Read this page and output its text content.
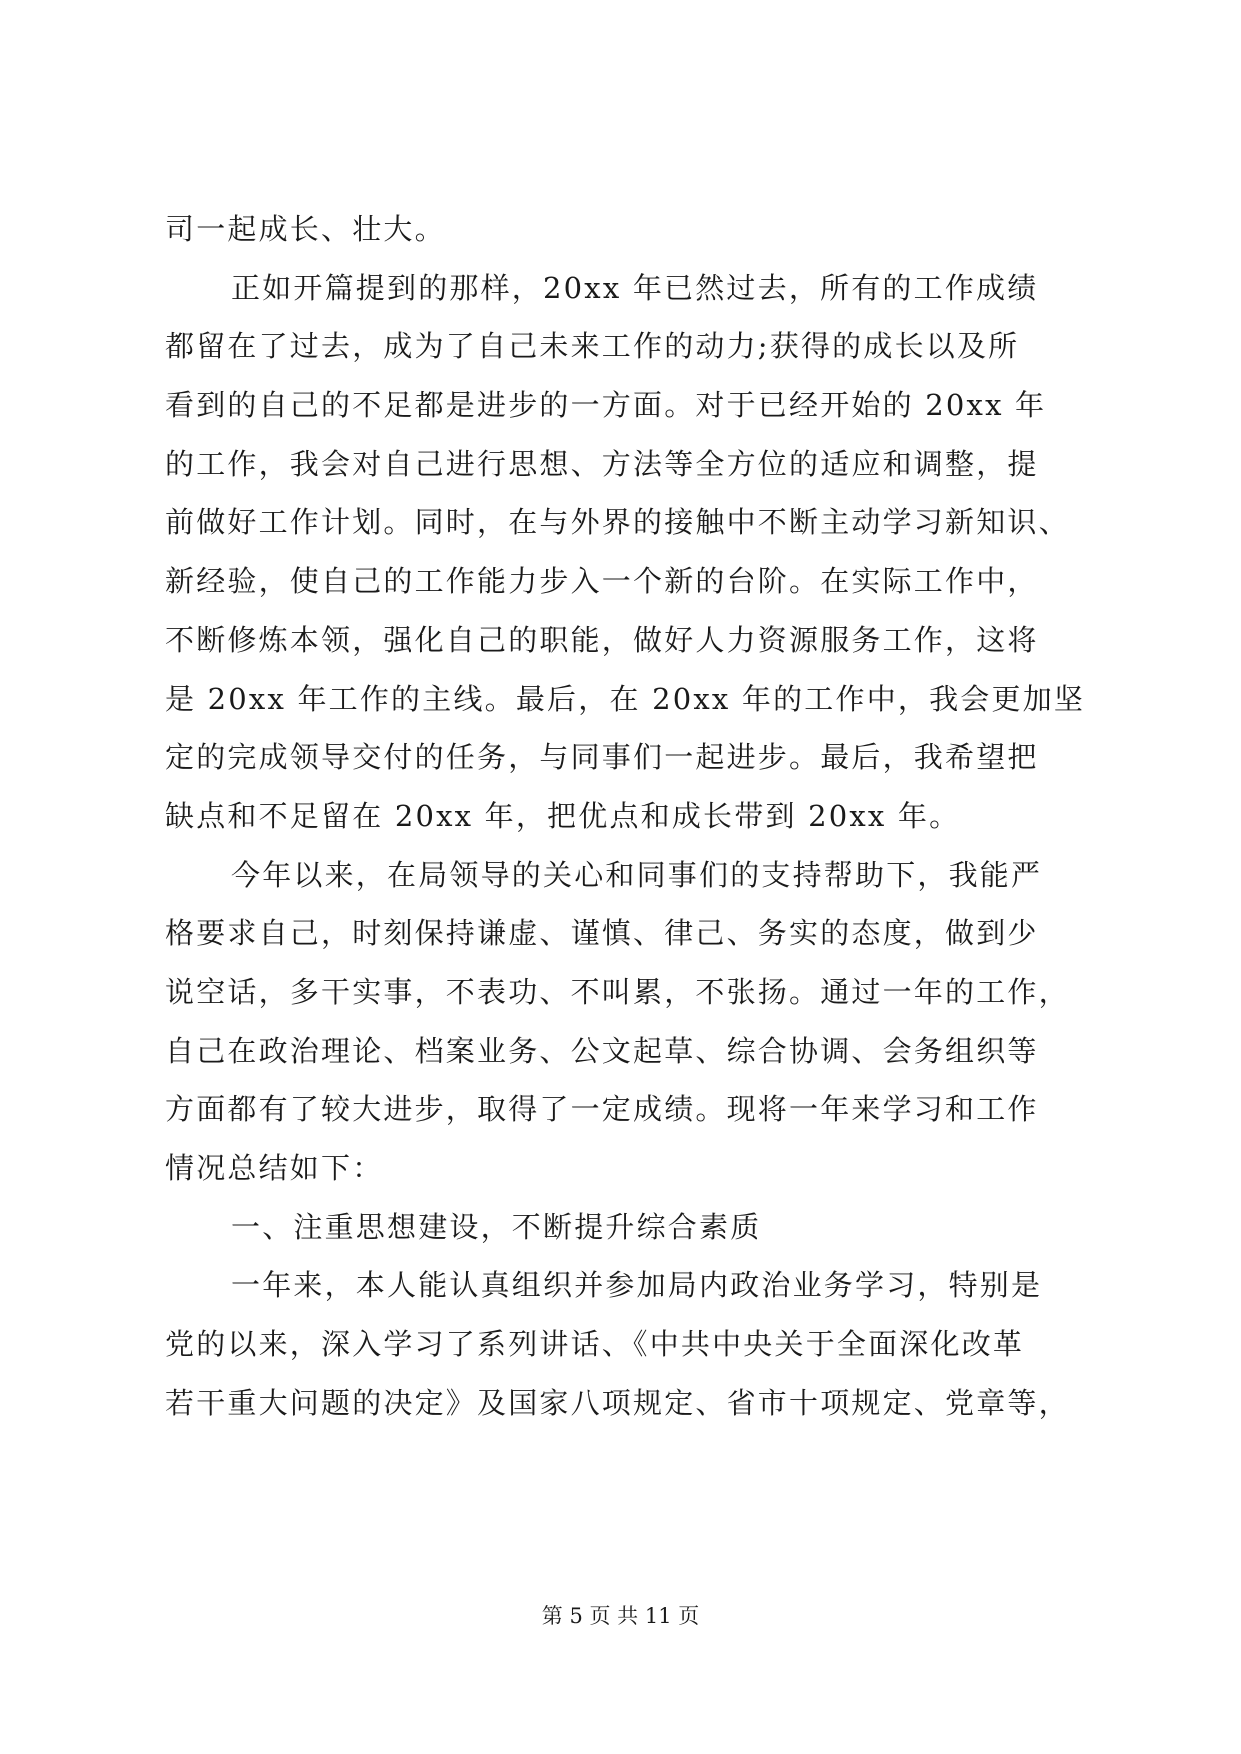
司一起成长、壮大。
正如开篇提到的那样，20xx 年已然过去，所有的工作成绩
都留在了过去，成为了自己未来工作的动力;获得的成长以及所
看到的自己的不足都是进步的一方面。对于已经开始的 20xx 年
的工作，我会对自己进行思想、方法等全方位的适应和调整，提
前做好工作计划。同时，在与外界的接触中不断主动学习新知识、
新经验，使自己的工作能力步入一个新的台阶。在实际工作中，
不断修炼本领，强化自己的职能，做好人力资源服务工作，这将
是 20xx 年工作的主线。最后，在 20xx 年的工作中，我会更加坚
定的完成领导交付的任务，与同事们一起进步。最后，我希望把
缺点和不足留在 20xx 年，把优点和成长带到 20xx 年。
今年以来，在局领导的关心和同事们的支持帮助下，我能严
格要求自己，时刻保持谦虚、谨慎、律己、务实的态度，做到少
说空话，多干实事，不表功、不叫累，不张扬。通过一年的工作，
自己在政治理论、档案业务、公文起草、综合协调、会务组织等
方面都有了较大进步，取得了一定成绩。现将一年来学习和工作
情况总结如下：
一、注重思想建设，不断提升综合素质
一年来，本人能认真组织并参加局内政治业务学习，特别是
党的以来，深入学习了系列讲话、《中共中央关于全面深化改革
若干重大问题的决定》及国家八项规定、省市十项规定、党章等，
第 5 页 共 11 页
